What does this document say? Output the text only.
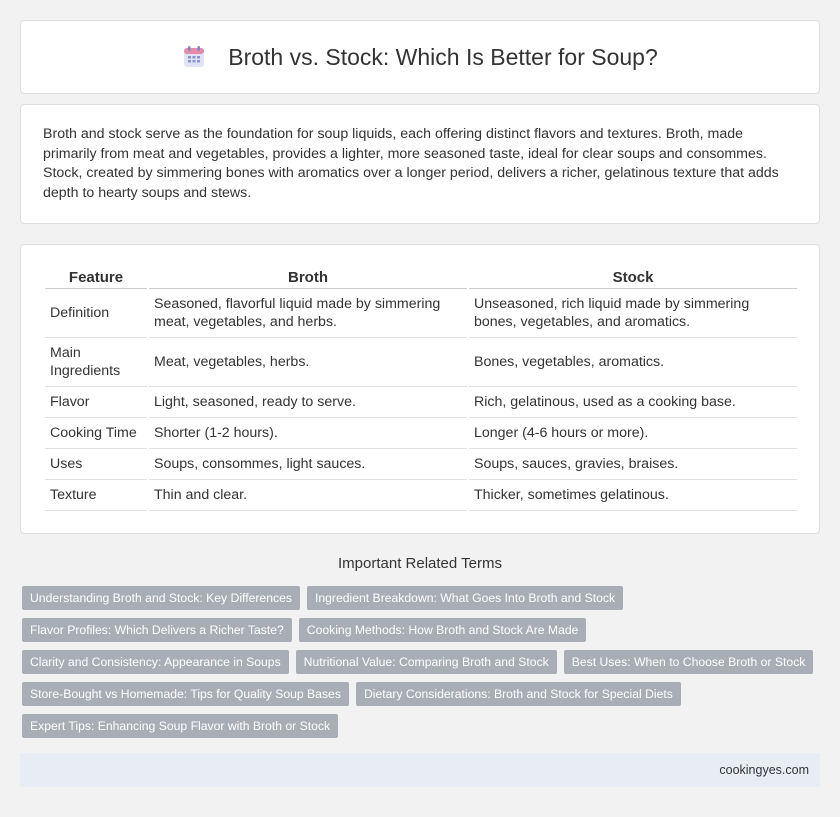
Broth vs. Stock: Which Is Better for Soup?

Broth and stock serve as the foundation for soup liquids, each offering distinct flavors and textures. Broth, made primarily from meat and vegetables, provides a lighter, more seasoned taste, ideal for clear soups and consommes. Stock, created by simmering bones with aromatics over a longer period, delivers a richer, gelatinous texture that adds depth to hearty soups and stews.

Feature	Broth	Stock
Definition	Seasoned, flavorful liquid made by simmering meat, vegetables, and herbs.	Unseasoned, rich liquid made by simmering bones, vegetables, and aromatics.
Main Ingredients	Meat, vegetables, herbs.	Bones, vegetables, aromatics.
Flavor	Light, seasoned, ready to serve.	Rich, gelatinous, used as a cooking base.
Cooking Time	Shorter (1-2 hours).	Longer (4-6 hours or more).
Uses	Soups, consommes, light sauces.	Soups, sauces, gravies, braises.
Texture	Thin and clear.	Thicker, sometimes gelatinous.
Important Related Terms
Understanding Broth and Stock: Key Differences	Ingredient Breakdown: What Goes Into Broth and Stock
Flavor Profiles: Which Delivers a Richer Taste?	Cooking Methods: How Broth and Stock Are Made
Clarity and Consistency: Appearance in Soups	Nutritional Value: Comparing Broth and Stock	Best Uses: When to Choose Broth or Stock
Store-Bought vs Homemade: Tips for Quality Soup Bases	Dietary Considerations: Broth and Stock for Special Diets
Expert Tips: Enhancing Soup Flavor with Broth or Stock
cookingyes.com
